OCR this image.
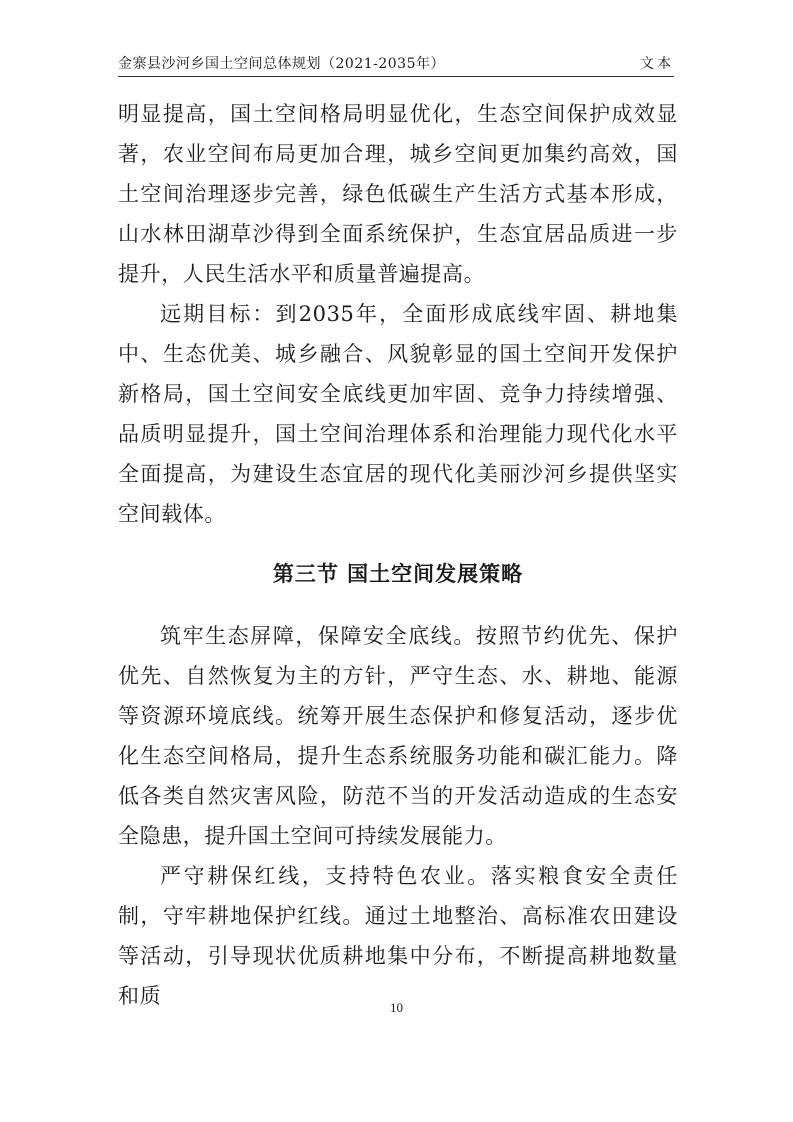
金寨县沙河乡国土空间总体规划（2021-2035年）	文本

明显提高，国土空间格局明显优化，生态空间保护成效显著，农业空间布局更加合理，城乡空间更加集约高效，国土空间治理逐步完善，绿色低碳生产生活方式基本形成，山水林田湖草沙得到全面系统保护，生态宜居品质进一步提升，人民生活水平和质量普遍提高。

远期目标：到2035年，全面形成底线牢固、耕地集中、生态优美、城乡融合、风貌彰显的国土空间开发保护新格局，国土空间安全底线更加牢固、竞争力持续增强、品质明显提升，国土空间治理体系和治理能力现代化水平全面提高，为建设生态宜居的现代化美丽沙河乡提供坚实空间载体。

第三节 国土空间发展策略

筑牢生态屏障，保障安全底线。按照节约优先、保护优先、自然恢复为主的方针，严守生态、水、耕地、能源等资源环境底线。统筹开展生态保护和修复活动，逐步优化生态空间格局，提升生态系统服务功能和碳汇能力。降低各类自然灾害风险，防范不当的开发活动造成的生态安全隐患，提升国土空间可持续发展能力。

严守耕保红线，支持特色农业。落实粮食安全责任制，守牢耕地保护红线。通过土地整治、高标准农田建设等活动，引导现状优质耕地集中分布，不断提高耕地数量和质	10
